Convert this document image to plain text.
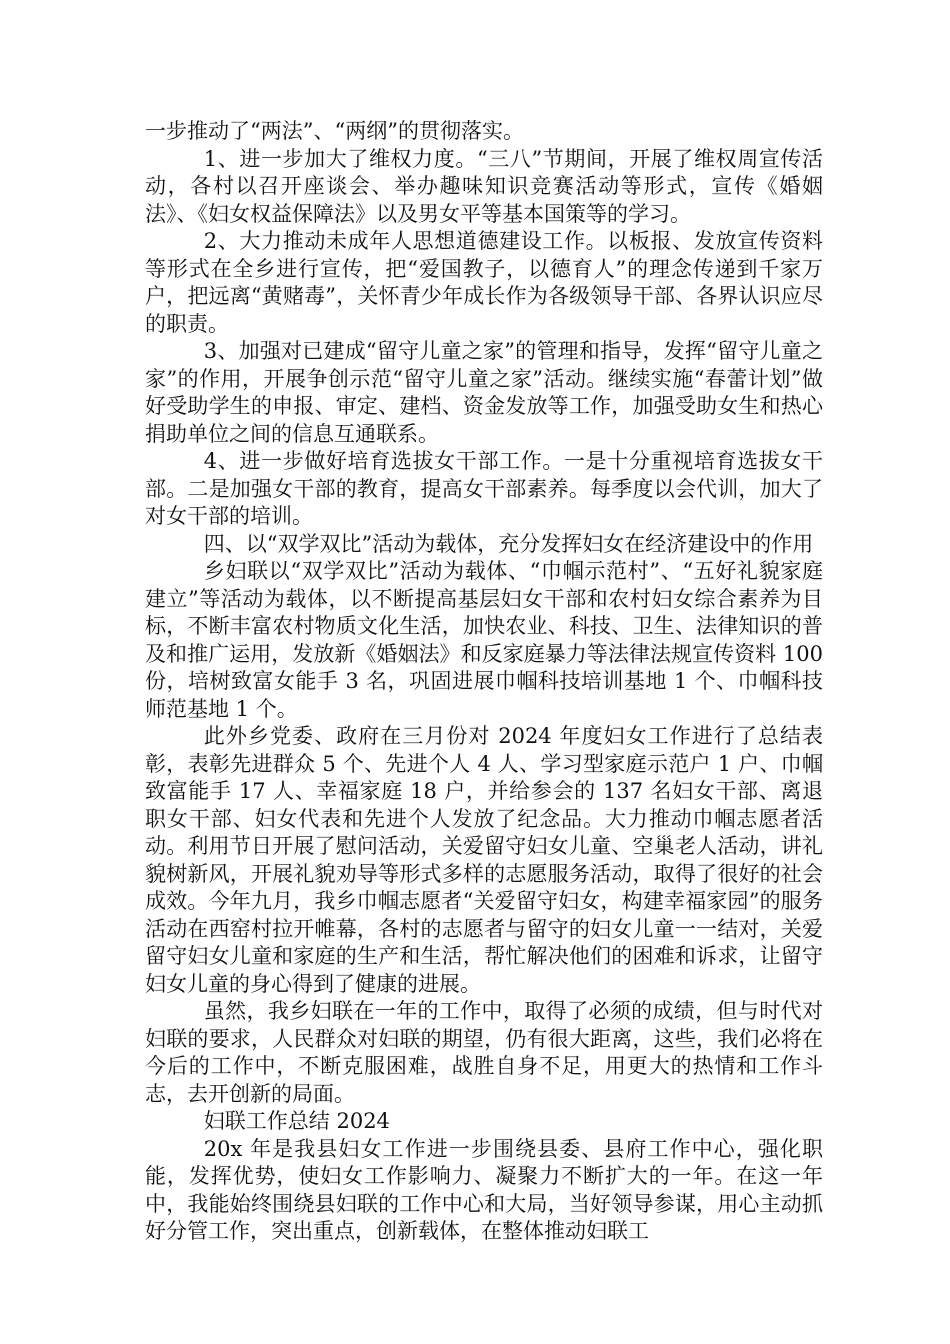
一步推动了“两法”、“两纲”的贯彻落实。

1、进一步加大了维权力度。“三八”节期间，开展了维权周宣传活动，各村以召开座谈会、举办趣味知识竞赛活动等形式，宣传《婚姻法》、《妇女权益保障法》以及男女平等基本国策等的学习。

2、大力推动未成年人思想道德建设工作。以板报、发放宣传资料等形式在全乡进行宣传，把“爱国教子，以德育人”的理念传递到千家万户，把远离“黄赌毒”，关怀青少年成长作为各级领导干部、各界认识应尽的职责。

3、加强对已建成“留守儿童之家”的管理和指导，发挥“留守儿童之家”的作用，开展争创示范“留守儿童之家”活动。继续实施“春蕾计划”做好受助学生的申报、审定、建档、资金发放等工作，加强受助女生和热心捐助单位之间的信息互通联系。

4、进一步做好培育选拔女干部工作。一是十分重视培育选拔女干部。二是加强女干部的教育，提高女干部素养。每季度以会代训，加大了对女干部的培训。

四、以“双学双比”活动为载体，充分发挥妇女在经济建设中的作用

乡妇联以“双学双比”活动为载体、“巾帼示范村”、“五好礼貌家庭建立”等活动为载体，以不断提高基层妇女干部和农村妇女综合素养为目标，不断丰富农村物质文化生活，加快农业、科技、卫生、法律知识的普及和推广运用，发放新《婚姻法》和反家庭暴力等法律法规宣传资料 100 份，培树致富女能手 3 名，巩固进展巾帼科技培训基地 1 个、巾帼科技师范基地 1 个。

此外乡党委、政府在三月份对 2024 年度妇女工作进行了总结表彰，表彰先进群众 5 个、先进个人 4 人、学习型家庭示范户 1 户、巾帼致富能手 17 人、幸福家庭 18 户，并给参会的 137 名妇女干部、离退职女干部、妇女代表和先进个人发放了纪念品。大力推动巾帼志愿者活动。利用节日开展了慰问活动，关爱留守妇女儿童、空巢老人活动，讲礼貌树新风，开展礼貌劝导等形式多样的志愿服务活动，取得了很好的社会成效。今年九月，我乡巾帼志愿者“关爱留守妇女，构建幸福家园”的服务活动在西窑村拉开帷幕，各村的志愿者与留守的妇女儿童一一结对，关爱留守妇女儿童和家庭的生产和生活，帮忙解决他们的困难和诉求，让留守妇女儿童的身心得到了健康的进展。

虽然，我乡妇联在一年的工作中，取得了必须的成绩，但与时代对妇联的要求，人民群众对妇联的期望，仍有很大距离，这些，我们必将在今后的工作中，不断克服困难，战胜自身不足，用更大的热情和工作斗志，去开创新的局面。

妇联工作总结 2024

20x 年是我县妇女工作进一步围绕县委、县府工作中心，强化职能，发挥优势，使妇女工作影响力、凝聚力不断扩大的一年。在这一年中，我能始终围绕县妇联的工作中心和大局，当好领导参谋，用心主动抓好分管工作，突出重点，创新载体，在整体推动妇联工
